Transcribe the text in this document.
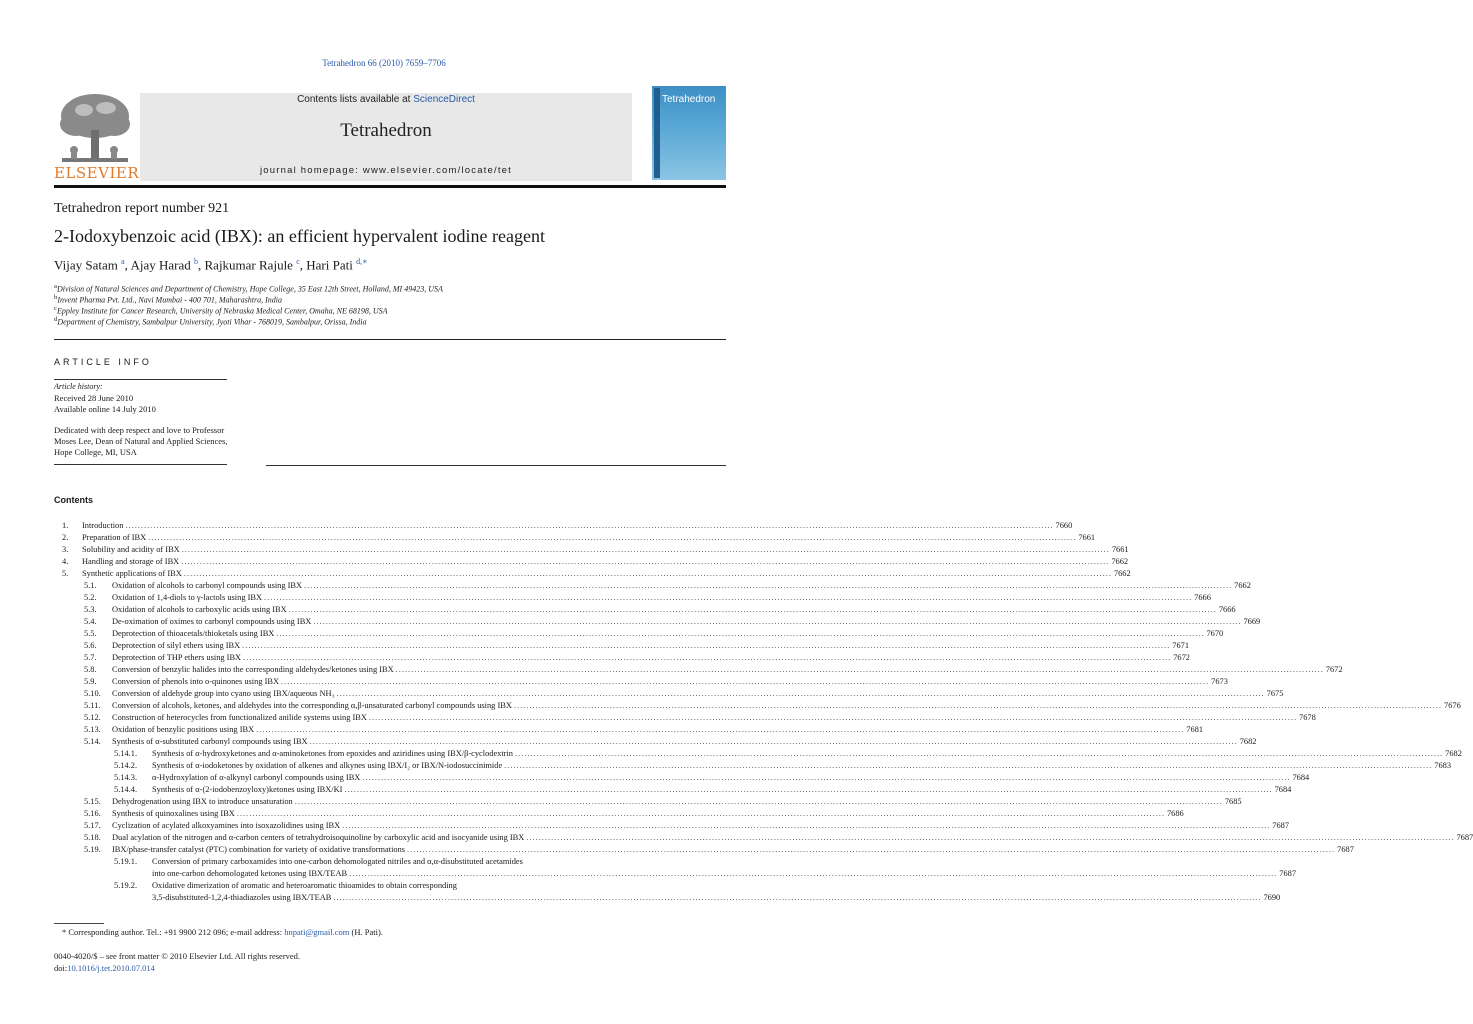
Tetrahedron 66 (2010) 7659–7706
ELSEVIER
Contents lists available at ScienceDirect
Tetrahedron
journal homepage: www.elsevier.com/locate/tet
Tetrahedron
Tetrahedron report number 921
2-Iodoxybenzoic acid (IBX): an efficient hypervalent iodine reagent
Vijay Satam $^a$, Ajay Harad $^b$, Rajkumar Rajule $^c$, Hari Pati $^{d,∗}$
$^a$Division of Natural Sciences and Department of Chemistry, Hope College, 35 East 12th Street, Holland, MI 49423, USA
$^b$Invent Pharma Pvt. Ltd., Navi Mumbai - 400 701, Maharashtra, India
$^c$Eppley Institute for Cancer Research, University of Nebraska Medical Center, Omaha, NE 68198, USA
$^d$Department of Chemistry, Sambalpur University, Jyoti Vihar - 768019, Sambalpur, Orissa, India
ARTICLE INFO
Article history:
Received 28 June 2010
Available online 14 July 2010
Dedicated with deep respect and love to Professor Moses Lee, Dean of Natural and Applied Sciences, Hope College, MI, USA
Contents
1. Introduction ............................................................................................................................................................................................................................................................................................................ 7660
2. Preparation of IBX ............................................................................................................................................................................................................................................................................................................ 7661
3. Solubility and acidity of IBX ............................................................................................................................................................................................................................................................................................................ 7661
4. Handling and storage of IBX ............................................................................................................................................................................................................................................................................................................ 7662
5. Synthetic applications of IBX ............................................................................................................................................................................................................................................................................................................ 7662
5.1. Oxidation of alcohols to carbonyl compounds using IBX ............................................................................................................................................................................................................................................................................................................ 7662
5.2. Oxidation of 1,4-diols to γ-lactols using IBX ............................................................................................................................................................................................................................................................................................................ 7666
5.3. Oxidation of alcohols to carboxylic acids using IBX ............................................................................................................................................................................................................................................................................................................ 7666
5.4. De-oximation of oximes to carbonyl compounds using IBX ............................................................................................................................................................................................................................................................................................................ 7669
5.5. Deprotection of thioacetals/thioketals using IBX ............................................................................................................................................................................................................................................................................................................ 7670
5.6. Deprotection of silyl ethers using IBX ............................................................................................................................................................................................................................................................................................................ 7671
5.7. Deprotection of THP ethers using IBX ............................................................................................................................................................................................................................................................................................................ 7672
5.8. Conversion of benzylic halides into the corresponding aldehydes/ketones using IBX ............................................................................................................................................................................................................................................................................................................ 7672
5.9. Conversion of phenols into o-quinones using IBX ............................................................................................................................................................................................................................................................................................................ 7673
5.10. Conversion of aldehyde group into cyano using IBX/aqueous NH₃ ............................................................................................................................................................................................................................................................................................................ 7675
5.11. Conversion of alcohols, ketones, and aldehydes into the corresponding α,β-unsaturated carbonyl compounds using IBX ............................................................................................................................................................................................................................................................................................................ 7676
5.12. Construction of heterocycles from functionalized anilide systems using IBX ............................................................................................................................................................................................................................................................................................................ 7678
5.13. Oxidation of benzylic positions using IBX ............................................................................................................................................................................................................................................................................................................ 7681
5.14. Synthesis of α-substituted carbonyl compounds using IBX ............................................................................................................................................................................................................................................................................................................ 7682
5.14.1. Synthesis of α-hydroxyketones and α-aminoketones from epoxides and aziridines using IBX/β-cyclodextrin ............................................................................................................................................................................................................................................................................................................ 7682
5.14.2. Synthesis of α-iodoketones by oxidation of alkenes and alkynes using IBX/I₂ or IBX/N-iodosuccinimide ............................................................................................................................................................................................................................................................................................................ 7683
5.14.3. α-Hydroxylation of α-alkynyl carbonyl compounds using IBX ............................................................................................................................................................................................................................................................................................................ 7684
5.14.4. Synthesis of α-(2-iodobenzoyloxy)ketones using IBX/KI ............................................................................................................................................................................................................................................................................................................ 7684
5.15. Dehydrogenation using IBX to introduce unsaturation ............................................................................................................................................................................................................................................................................................................ 7685
5.16. Synthesis of quinoxalines using IBX ............................................................................................................................................................................................................................................................................................................ 7686
5.17. Cyclization of acylated alkoxyamines into isoxazolidines using IBX ............................................................................................................................................................................................................................................................................................................ 7687
5.18. Dual acylation of the nitrogen and α-carbon centers of tetrahydroisoquinoline by carboxylic acid and isocyanide using IBX ............................................................................................................................................................................................................................................................................................................ 7687
5.19. IBX/phase-transfer catalyst (PTC) combination for variety of oxidative transformations ............................................................................................................................................................................................................................................................................................................ 7687
5.19.1. Conversion of primary carboxamides into one-carbon dehomologated nitriles and α,α-disubstituted acetamides
into one-carbon dehomologated ketones using IBX/TEAB ............................................................................................................................................................................................................................................................................................................ 7687
5.19.2. Oxidative dimerization of aromatic and heteroaromatic thioamides to obtain corresponding
3,5-disubstituted-1,2,4-thiadiazoles using IBX/TEAB ............................................................................................................................................................................................................................................................................................................ 7690
* Corresponding author. Tel.: +91 9900 212 096; e-mail address: hnpati@gmail.com (H. Pati).
0040-4020/$ – see front matter © 2010 Elsevier Ltd. All rights reserved.
doi:10.1016/j.tet.2010.07.014
